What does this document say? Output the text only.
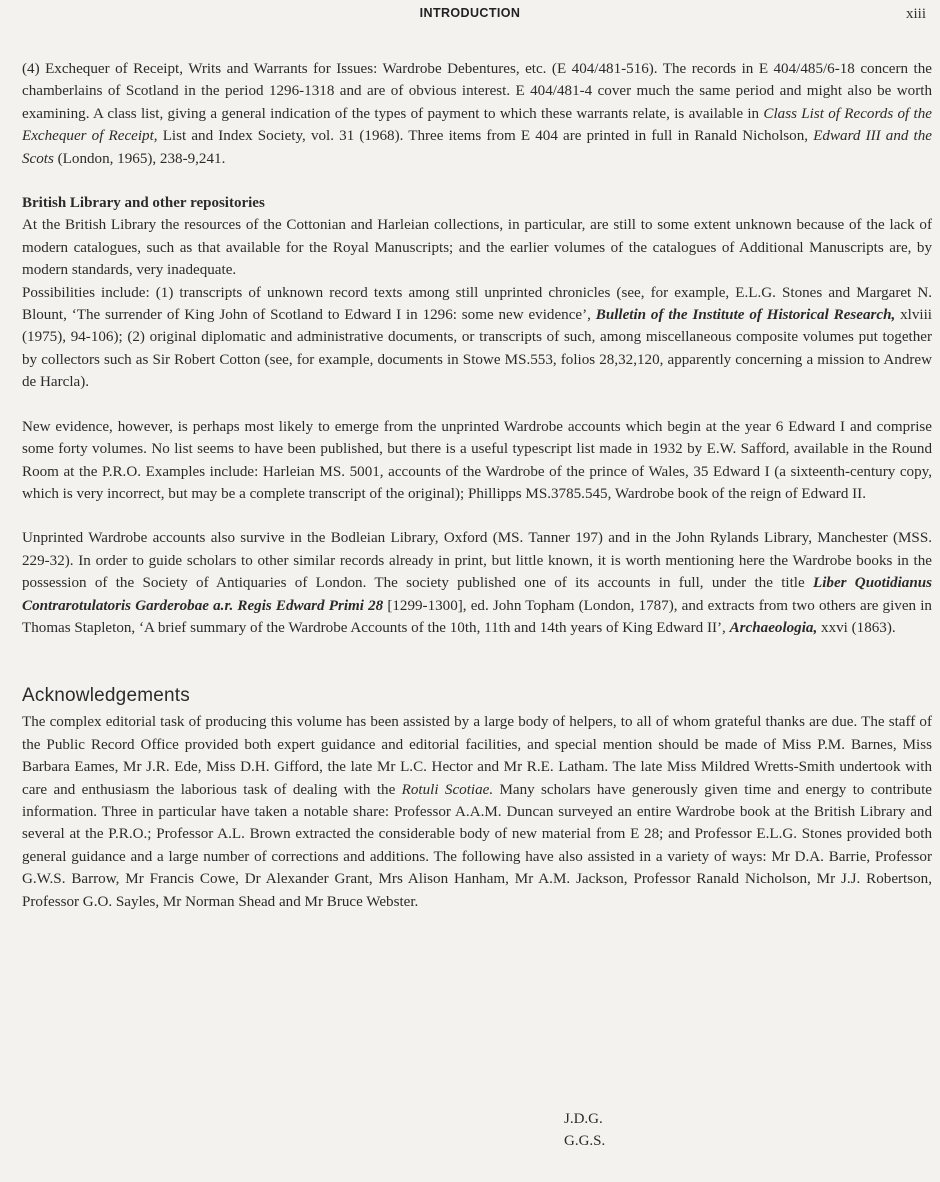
INTRODUCTION	xiii

(4) Exchequer of Receipt, Writs and Warrants for Issues: Wardrobe Debentures, etc. (E 404/481-516). The records in E 404/485/6-18 concern the chamberlains of Scotland in the period 1296-1318 and are of obvious interest. E 404/481-4 cover much the same period and might also be worth examining. A class list, giving a general indication of the types of payment to which these warrants relate, is available in Class List of Records of the Exchequer of Receipt, List and Index Society, vol. 31 (1968). Three items from E 404 are printed in full in Ranald Nicholson, Edward III and the Scots (London, 1965), 238-9,241.

British Library and other repositories

At the British Library the resources of the Cottonian and Harleian collections, in particular, are still to some extent unknown because of the lack of modern catalogues, such as that available for the Royal Manuscripts; and the earlier volumes of the catalogues of Additional Manuscripts are, by modern standards, very inadequate.

Possibilities include: (1) transcripts of unknown record texts among still unprinted chronicles (see, for example, E.L.G. Stones and Margaret N. Blount, ‘The surrender of King John of Scotland to Edward I in 1296: some new evidence’, Bulletin of the Institute of Historical Research, xlviii (1975), 94-106); (2) original diplomatic and administrative documents, or transcripts of such, among miscellaneous composite volumes put together by collectors such as Sir Robert Cotton (see, for example, documents in Stowe MS.553, folios 28,32,120, apparently concerning a mission to Andrew de Harcla).

New evidence, however, is perhaps most likely to emerge from the unprinted Wardrobe accounts which begin at the year 6 Edward I and comprise some forty volumes. No list seems to have been published, but there is a useful typescript list made in 1932 by E.W. Safford, available in the Round Room at the P.R.O. Examples include: Harleian MS. 5001, accounts of the Wardrobe of the prince of Wales, 35 Edward I (a sixteenth-century copy, which is very incorrect, but may be a complete transcript of the original); Phillipps MS.3785.545, Wardrobe book of the reign of Edward II.

Unprinted Wardrobe accounts also survive in the Bodleian Library, Oxford (MS. Tanner 197) and in the John Rylands Library, Manchester (MSS. 229-32). In order to guide scholars to other similar records already in print, but little known, it is worth mentioning here the Wardrobe books in the possession of the Society of Antiquaries of London. The society published one of its accounts in full, under the title Liber Quotidianus Contrarotulatoris Garderobae a.r. Regis Edward Primi 28 [1299-1300], ed. John Topham (London, 1787), and extracts from two others are given in Thomas Stapleton, ‘A brief summary of the Wardrobe Accounts of the 10th, 11th and 14th years of King Edward II’, Archaeologia, xxvi (1863).

Acknowledgements

The complex editorial task of producing this volume has been assisted by a large body of helpers, to all of whom grateful thanks are due. The staff of the Public Record Office provided both expert guidance and editorial facilities, and special mention should be made of Miss P.M. Barnes, Miss Barbara Eames, Mr J.R. Ede, Miss D.H. Gifford, the late Mr L.C. Hector and Mr R.E. Latham. The late Miss Mildred Wretts-Smith undertook with care and enthusiasm the laborious task of dealing with the Rotuli Scotiae. Many scholars have generously given time and energy to contribute information. Three in particular have taken a notable share: Professor A.A.M. Duncan surveyed an entire Wardrobe book at the British Library and several at the P.R.O.; Professor A.L. Brown extracted the considerable body of new material from E 28; and Professor E.L.G. Stones provided both general guidance and a large number of corrections and additions. The following have also assisted in a variety of ways: Mr D.A. Barrie, Professor G.W.S. Barrow, Mr Francis Cowe, Dr Alexander Grant, Mrs Alison Hanham, Mr A.M. Jackson, Professor Ranald Nicholson, Mr J.J. Robertson, Professor G.O. Sayles, Mr Norman Shead and Mr Bruce Webster.

J.D.G.
G.G.S.
